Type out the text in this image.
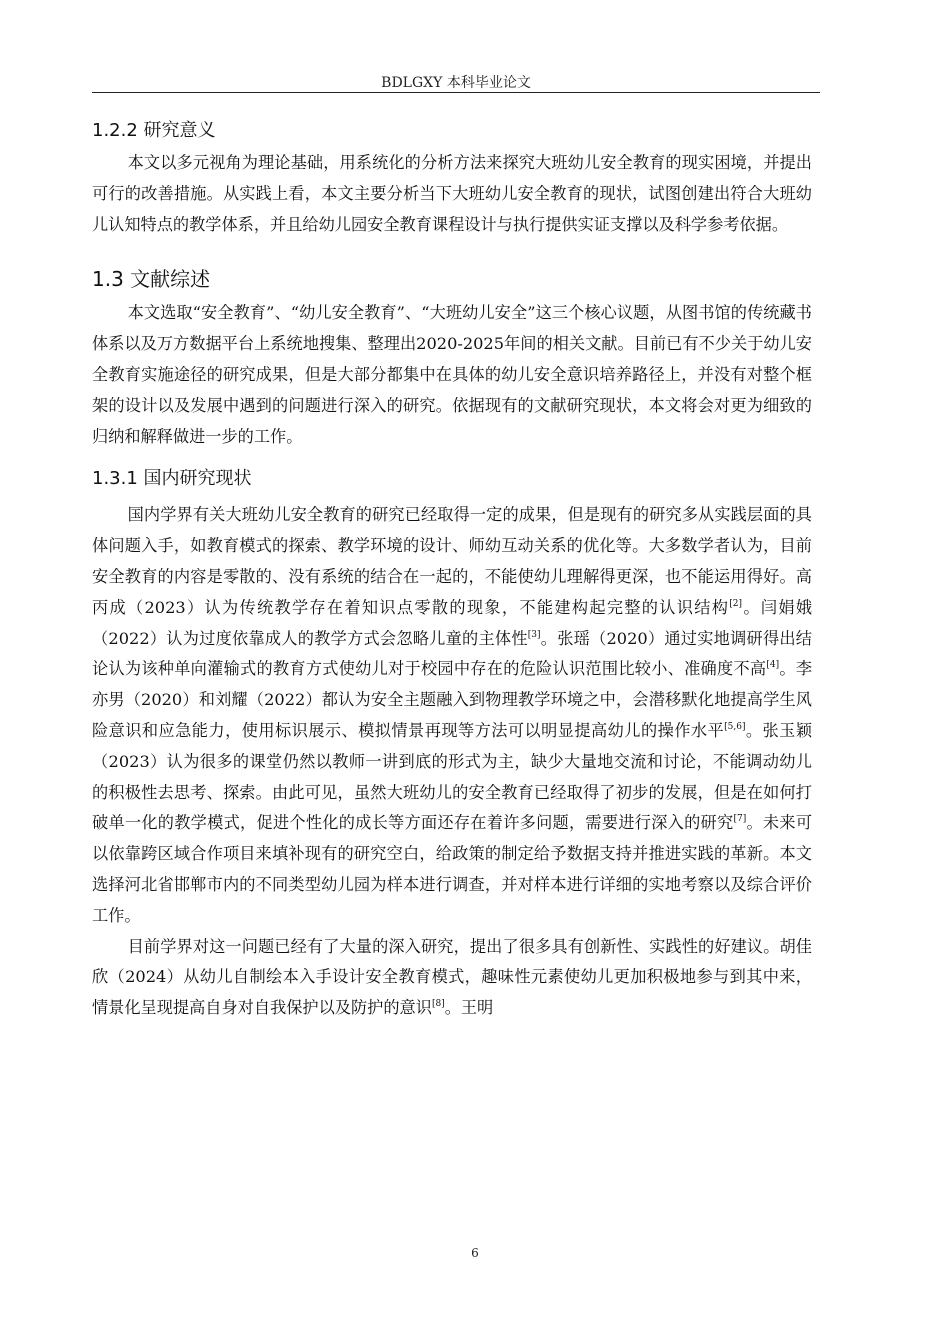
BDLGXY 本科毕业论文
1.2.2 研究意义

本文以多元视角为理论基础，用系统化的分析方法来探究大班幼儿安全教育的现实困境，并提出可行的改善措施。从实践上看，本文主要分析当下大班幼儿安全教育的现状，试图创建出符合大班幼儿认知特点的教学体系，并且给幼儿园安全教育课程设计与执行提供实证支撑以及科学参考依据。

1.3 文献综述

本文选取“安全教育”、“幼儿安全教育”、“大班幼儿安全”这三个核心议题，从图书馆的传统藏书体系以及万方数据平台上系统地搜集、整理出2020-2025年间的相关文献。目前已有不少关于幼儿安全教育实施途径的研究成果，但是大部分都集中在具体的幼儿安全意识培养路径上，并没有对整个框架的设计以及发展中遇到的问题进行深入的研究。依据现有的文献研究现状，本文将会对更为细致的归纳和解释做进一步的工作。

1.3.1 国内研究现状

国内学界有关大班幼儿安全教育的研究已经取得一定的成果，但是现有的研究多从实践层面的具体问题入手，如教育模式的探索、教学环境的设计、师幼互动关系的优化等。大多数学者认为，目前安全教育的内容是零散的、没有系统的结合在一起的，不能使幼儿理解得更深，也不能运用得好。高丙成（2023）认为传统教学存在着知识点零散的现象，不能建构起完整的认识结构[2]。闫娟娥（2022）认为过度依靠成人的教学方式会忽略儿童的主体性[3]。张瑶（2020）通过实地调研得出结论认为该种单向灌输式的教育方式使幼儿对于校园中存在的危险认识范围比较小、准确度不高[4]。李亦男（2020）和刘耀（2022）都认为安全主题融入到物理教学环境之中，会潜移默化地提高学生风险意识和应急能力，使用标识展示、模拟情景再现等方法可以明显提高幼儿的操作水平[5,6]。张玉颖（2023）认为很多的课堂仍然以教师一讲到底的形式为主，缺少大量地交流和讨论，不能调动幼儿的积极性去思考、探索。由此可见，虽然大班幼儿的安全教育已经取得了初步的发展，但是在如何打破单一化的教学模式，促进个性化的成长等方面还存在着许多问题，需要进行深入的研究[7]。未来可以依靠跨区域合作项目来填补现有的研究空白，给政策的制定给予数据支持并推进实践的革新。本文选择河北省邯郸市内的不同类型幼儿园为样本进行调查，并对样本进行详细的实地考察以及综合评价工作。

目前学界对这一问题已经有了大量的深入研究，提出了很多具有创新性、实践性的好建议。胡佳欣（2024）从幼儿自制绘本入手设计安全教育模式，趣味性元素使幼儿更加积极地参与到其中来，情景化呈现提高自身对自我保护以及防护的意识[8]。王明

6
